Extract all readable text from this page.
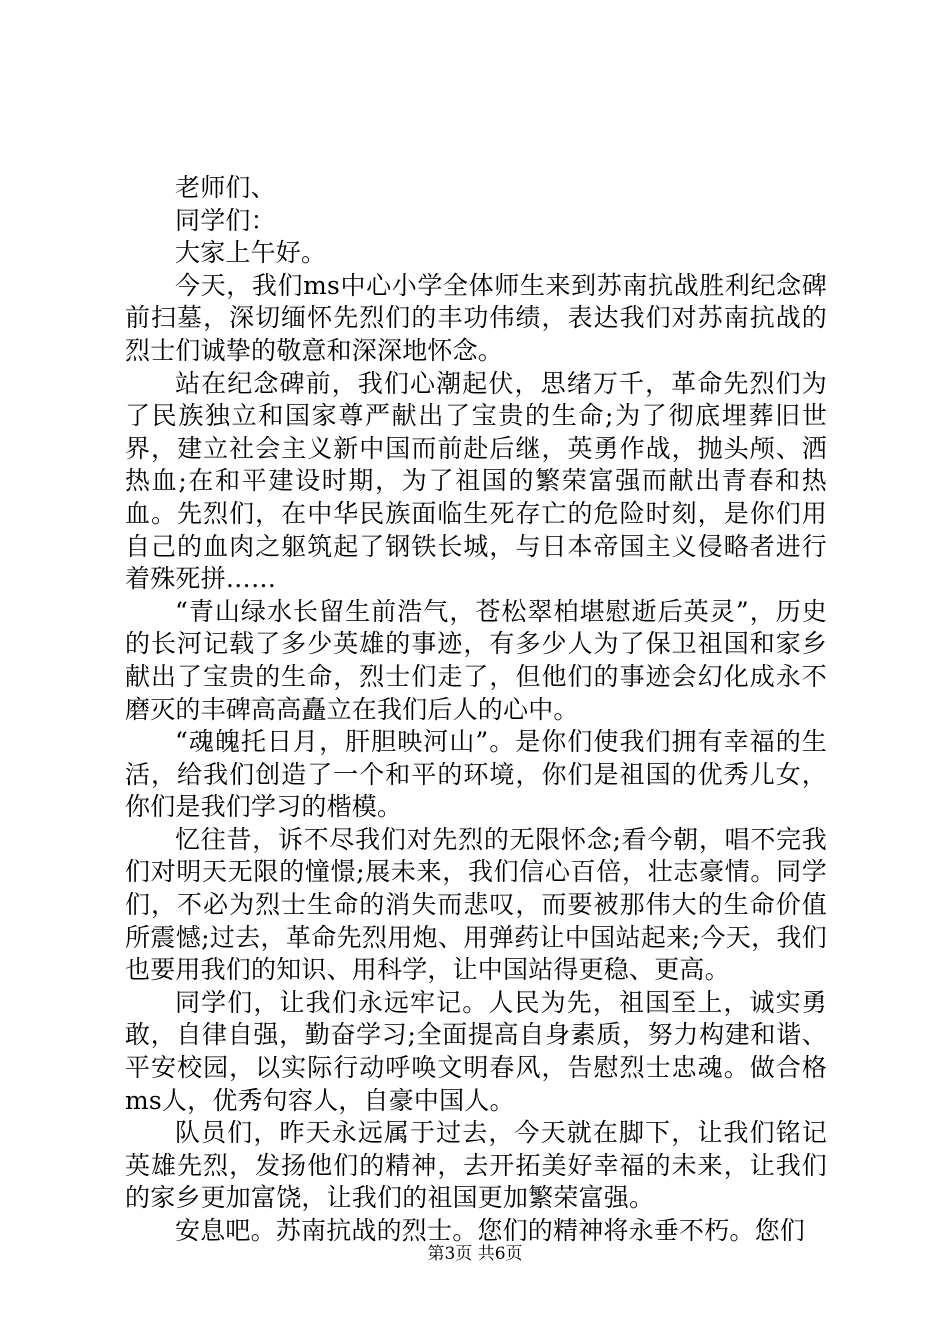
老师们、

同学们：

大家上午好。

今天，我们ms中心小学全体师生来到苏南抗战胜利纪念碑前扫墓，深切缅怀先烈们的丰功伟绩，表达我们对苏南抗战的烈士们诚挚的敬意和深深地怀念。

站在纪念碑前，我们心潮起伏，思绪万千，革命先烈们为了民族独立和国家尊严献出了宝贵的生命;为了彻底埋葬旧世界，建立社会主义新中国而前赴后继，英勇作战，抛头颅、洒热血;在和平建设时期，为了祖国的繁荣富强而献出青春和热血。先烈们，在中华民族面临生死存亡的危险时刻，是你们用自己的血肉之躯筑起了钢铁长城，与日本帝国主义侵略者进行着殊死拼……

“青山绿水长留生前浩气，苍松翠柏堪慰逝后英灵”，历史的长河记载了多少英雄的事迹，有多少人为了保卫祖国和家乡献出了宝贵的生命，烈士们走了，但他们的事迹会幻化成永不磨灭的丰碑高高矗立在我们后人的心中。

“魂魄托日月，肝胆映河山”。是你们使我们拥有幸福的生活，给我们创造了一个和平的环境，你们是祖国的优秀儿女，你们是我们学习的楷模。

忆往昔，诉不尽我们对先烈的无限怀念;看今朝，唱不完我们对明天无限的憧憬;展未来，我们信心百倍，壮志豪情。同学们，不必为烈士生命的消失而悲叹，而要被那伟大的生命价值所震憾;过去，革命先烈用炮、用弹药让中国站起来;今天，我们也要用我们的知识、用科学，让中国站得更稳、更高。

同学们，让我们永远牢记。人民为先，祖国至上，诚实勇敢，自律自强，勤奋学习;全面提高自身素质，努力构建和谐、平安校园，以实际行动呼唤文明春风，告慰烈士忠魂。做合格ms人，优秀句容人，自豪中国人。

队员们，昨天永远属于过去，今天就在脚下，让我们铭记英雄先烈，发扬他们的精神，去开拓美好幸福的未来，让我们的家乡更加富饶，让我们的祖国更加繁荣富强。

安息吧。苏南抗战的烈士。您们的精神将永垂不朽。您们

第3页 共6页
